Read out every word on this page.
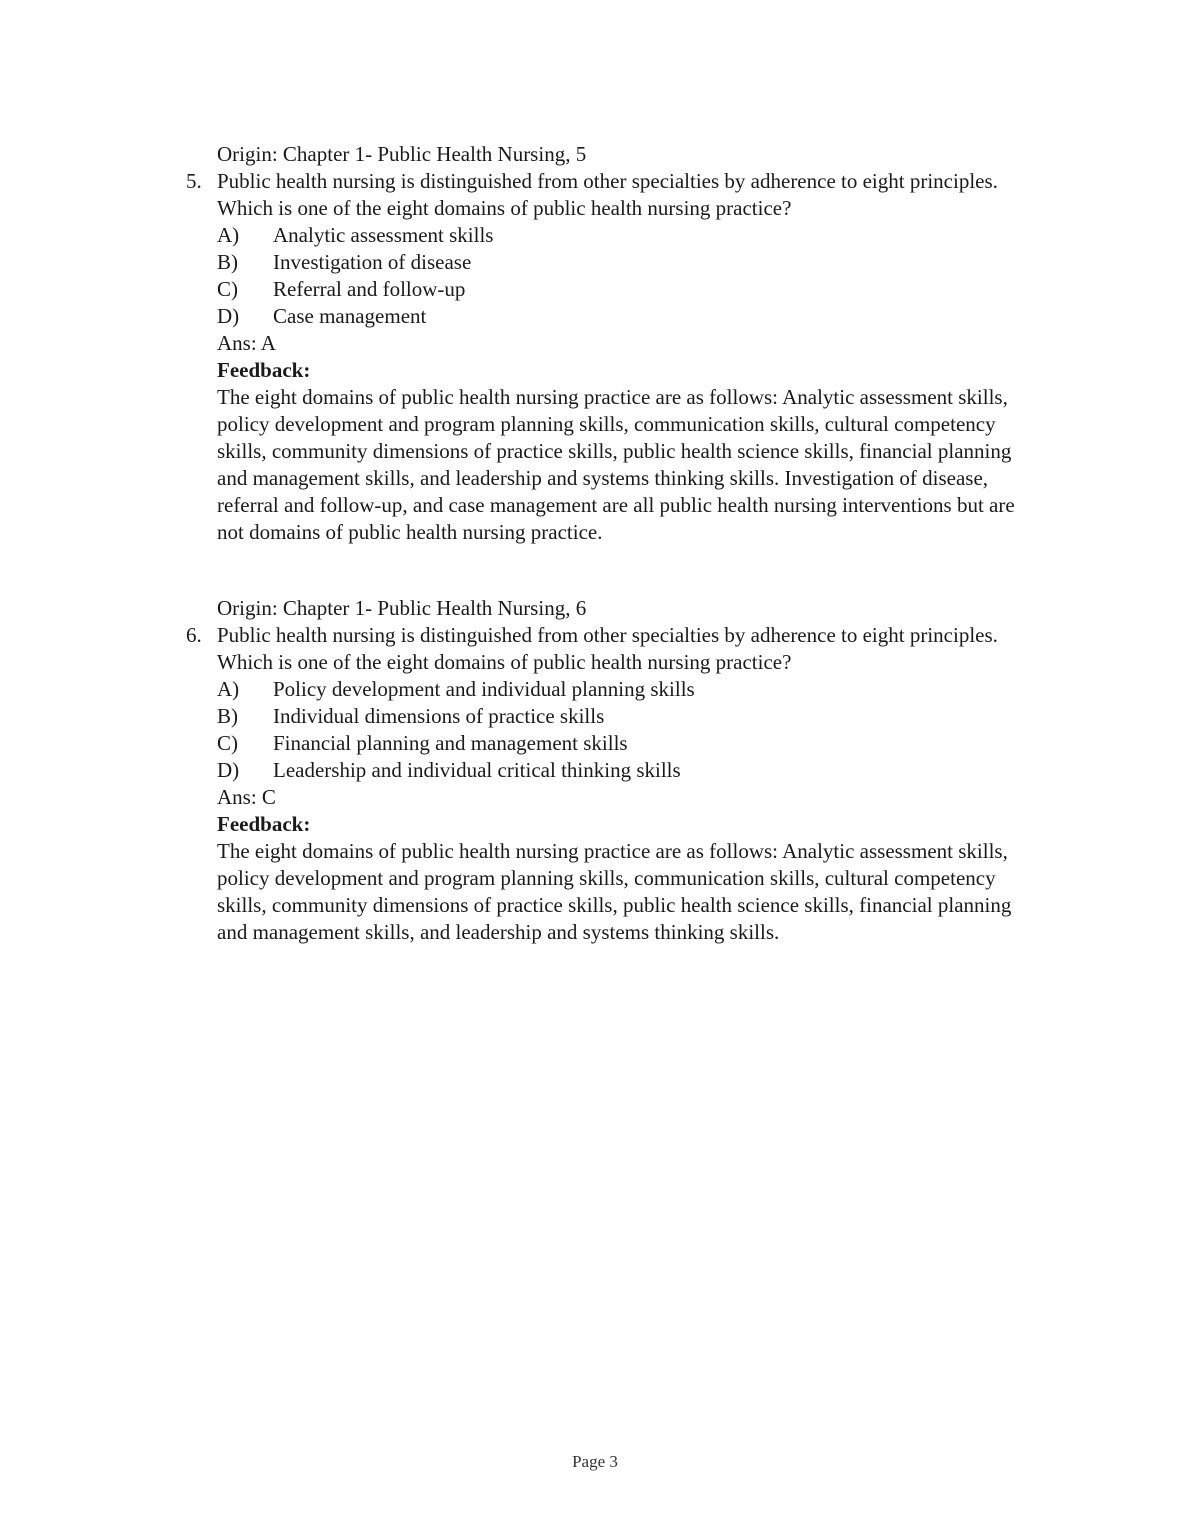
Origin: Chapter 1- Public Health Nursing, 5
5. Public health nursing is distinguished from other specialties by adherence to eight principles. Which is one of the eight domains of public health nursing practice?
A) Analytic assessment skills
B) Investigation of disease
C) Referral and follow-up
D) Case management
Ans: A
Feedback:
The eight domains of public health nursing practice are as follows: Analytic assessment skills, policy development and program planning skills, communication skills, cultural competency skills, community dimensions of practice skills, public health science skills, financial planning and management skills, and leadership and systems thinking skills. Investigation of disease, referral and follow-up, and case management are all public health nursing interventions but are not domains of public health nursing practice.
Origin: Chapter 1- Public Health Nursing, 6
6. Public health nursing is distinguished from other specialties by adherence to eight principles. Which is one of the eight domains of public health nursing practice?
A) Policy development and individual planning skills
B) Individual dimensions of practice skills
C) Financial planning and management skills
D) Leadership and individual critical thinking skills
Ans: C
Feedback:
The eight domains of public health nursing practice are as follows: Analytic assessment skills, policy development and program planning skills, communication skills, cultural competency skills, community dimensions of practice skills, public health science skills, financial planning and management skills, and leadership and systems thinking skills.
Page 3
